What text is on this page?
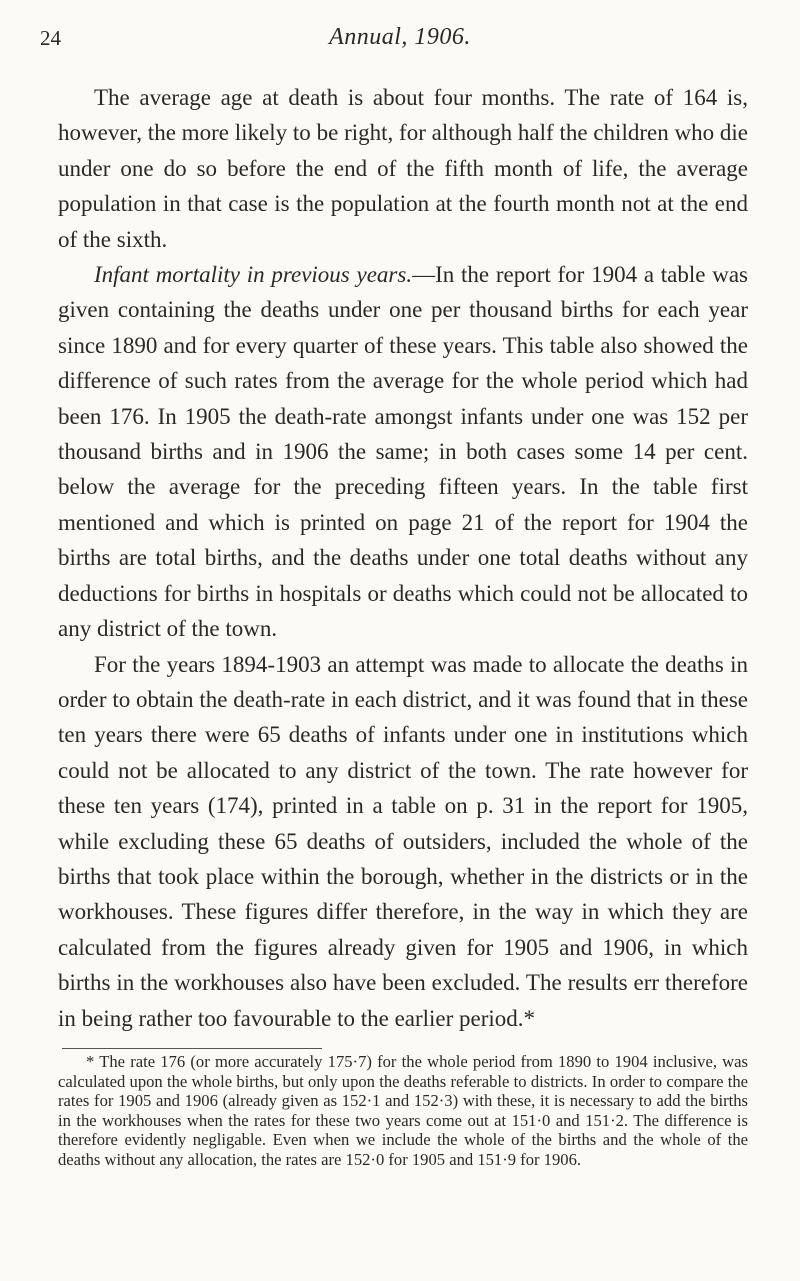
24	Annual, 1906.

The average age at death is about four months. The rate of 164 is, however, the more likely to be right, for although half the children who die under one do so before the end of the fifth month of life, the average population in that case is the population at the fourth month not at the end of the sixth.

Infant mortality in previous years.—In the report for 1904 a table was given containing the deaths under one per thousand births for each year since 1890 and for every quarter of these years. This table also showed the difference of such rates from the average for the whole period which had been 176. In 1905 the death-rate amongst infants under one was 152 per thousand births and in 1906 the same; in both cases some 14 per cent. below the average for the preceding fifteen years. In the table first mentioned and which is printed on page 21 of the report for 1904 the births are total births, and the deaths under one total deaths without any deductions for births in hospitals or deaths which could not be allocated to any district of the town.

For the years 1894-1903 an attempt was made to allocate the deaths in order to obtain the death-rate in each district, and it was found that in these ten years there were 65 deaths of infants under one in institutions which could not be allocated to any district of the town. The rate however for these ten years (174), printed in a table on p. 31 in the report for 1905, while excluding these 65 deaths of outsiders, included the whole of the births that took place within the borough, whether in the districts or in the workhouses. These figures differ therefore, in the way in which they are calculated from the figures already given for 1905 and 1906, in which births in the workhouses also have been excluded. The results err therefore in being rather too favourable to the earlier period.*

* The rate 176 (or more accurately 175·7) for the whole period from 1890 to 1904 inclusive, was calculated upon the whole births, but only upon the deaths referable to districts. In order to compare the rates for 1905 and 1906 (already given as 152·1 and 152·3) with these, it is necessary to add the births in the workhouses when the rates for these two years come out at 151·0 and 151·2. The difference is therefore evidently negligable. Even when we include the whole of the births and the whole of the deaths without any allocation, the rates are 152·0 for 1905 and 151·9 for 1906.
